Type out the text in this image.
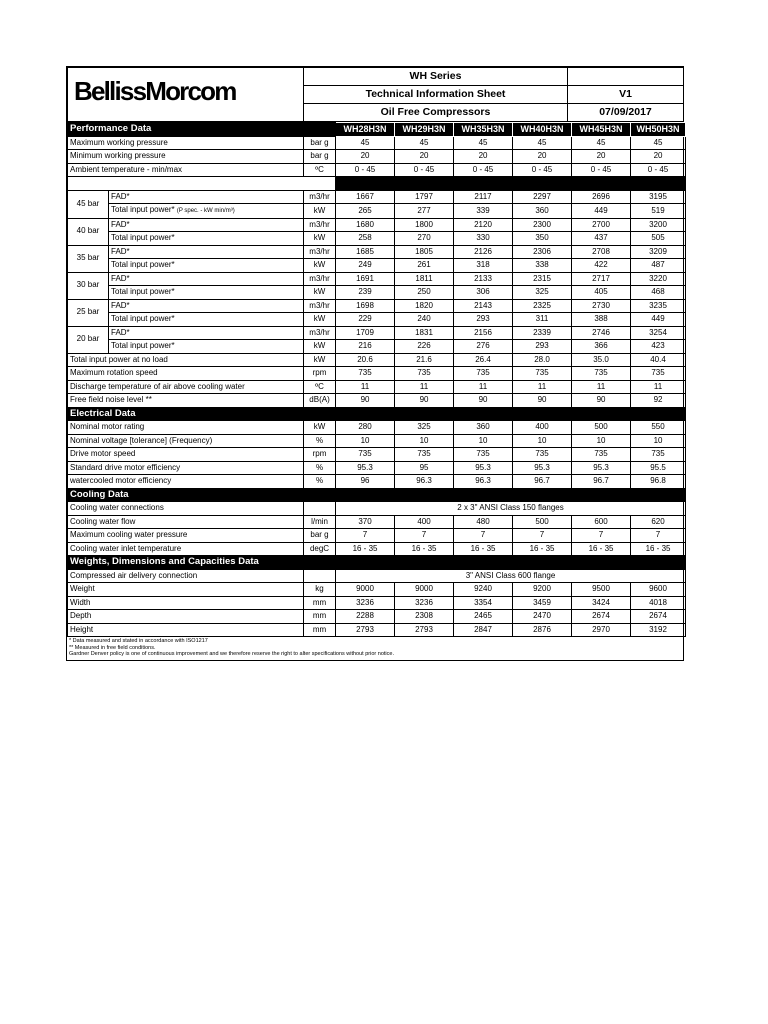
BellissMorcom	WH Series	
	Technical Information Sheet	V1
	Oil Free Compressors	07/09/2017
Performance Data			WH28H3N	WH29H3N	WH35H3N	WH40H3N	WH45H3N	WH50H3N
Maximum working pressure		bar g	45	45	45	45	45	45
Minimum working pressure		bar g	20	20	20	20	20	20
Ambient temperature - min/max		ºC	0 - 45	0 - 45	0 - 45	0 - 45	0 - 45	0 - 45

45 bar	FAD*	m3/hr	1667	1797	2117	2297	2696	3195
	Total input power* (P spec. - kW min/m³)	kW	265	277	339	360	449	519
40 bar	FAD*	m3/hr	1680	1800	2120	2300	2700	3200
	Total input power*	kW	258	270	330	350	437	505
35 bar	FAD*	m3/hr	1685	1805	2126	2306	2708	3209
	Total input power*	kW	249	261	318	338	422	487
30 bar	FAD*	m3/hr	1691	1811	2133	2315	2717	3220
	Total input power*	kW	239	250	306	325	405	468
25 bar	FAD*	m3/hr	1698	1820	2143	2325	2730	3235
	Total input power*	kW	229	240	293	311	388	449
20 bar	FAD*	m3/hr	1709	1831	2156	2339	2746	3254
	Total input power*	kW	216	226	276	293	366	423
Total input power at no load		kW	20.6	21.6	26.4	28.0	35.0	40.4
Maximum rotation speed		rpm	735	735	735	735	735	735
Discharge temperature of air above cooling water		ºC	11	11	11	11	11	11
Free field noise level **		dB(A)	90	90	90	90	90	92
Electrical Data								
Nominal motor rating		kW	280	325	360	400	500	550
Nominal voltage [tolerance] (Frequency)		%	10	10	10	10	10	10
Drive motor speed		rpm	735	735	735	735	735	735
Standard drive motor efficiency		%	95.3	95	95.3	95.3	95.3	95.5
watercooled motor efficiency		%	96	96.3	96.3	96.7	96.7	96.8
Cooling Data								
Cooling water connections			2 x 3" ANSI Class 150 flanges					
Cooling water flow		l/min	370	400	480	500	600	620
Maximum cooling water pressure		bar g	7	7	7	7	7	7
Cooling water inlet temperature		degC	16 - 35	16 - 35	16 - 35	16 - 35	16 - 35	16 - 35
Weights, Dimensions and Capacities Data								
Compressed air delivery connection			3" ANSI Class 600 flange					
Weight		kg	9000	9000	9240	9200	9500	9600
Width		mm	3236	3236	3354	3459	3424	4018
Depth		mm	2288	2308	2465	2470	2674	2674
Height		mm	2793	2793	2847	2876	2970	3192
* Data measured and stated in accordance with ISO1217
** Measured in free field conditions.
Gardner Denver policy is one of continuous improvement and we therefore reserve the right to alter specifications without prior notice.
